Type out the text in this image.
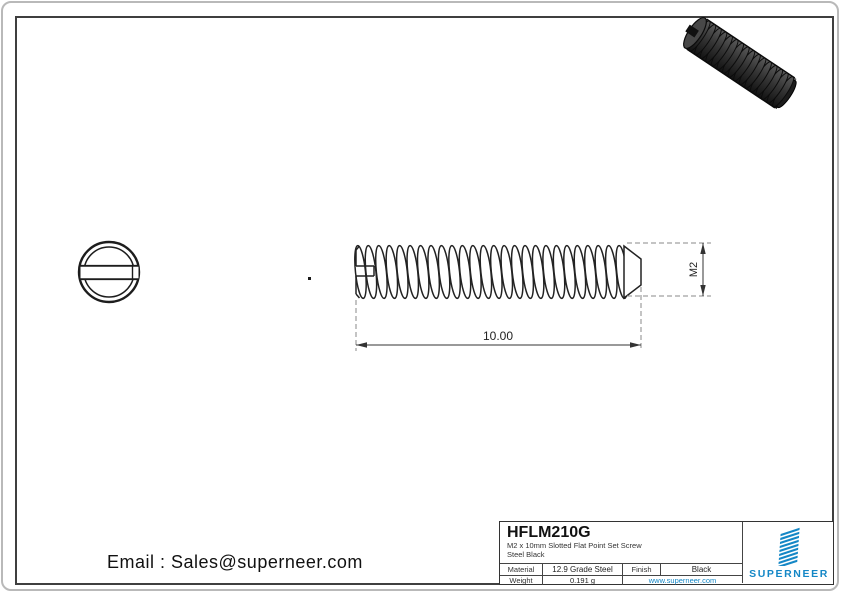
10.00
M2
HFLM210G
M2 x 10mm Slotted Flat Point Set Screw
Steel Black
Material	12.9 Grade Steel	Finish	Black
Weight	0.191 g	www.superneer.com
SUPERNEER
Email : Sales@superneer.com
